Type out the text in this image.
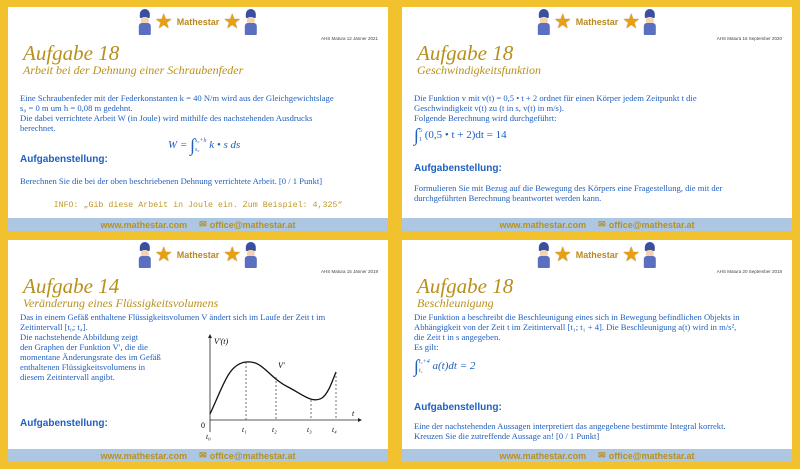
★ Mathestar ★
AHS Matura 12 Jänner 2021
Aufgabe 18
Arbeit bei der Dehnung einer Schraubenfeder
Eine Schraubenfeder mit der Federkonstanten k = 40 N/m wird aus der Gleichgewichtslage
s₀ = 0 m um h = 0,08 m gedehnt.
Die dabei verrichtete Arbeit W (in Joule) wird mithilfe des nachstehenden Ausdrucks
berechnet.
W = ∫ s₀+h
s₀ k • s ds
Aufgabenstellung:
Berechnen Sie die bei der oben beschriebenen Dehnung verrichtete Arbeit. [0 / 1 Punkt]
INFO: „Gib diese Arbeit in Joule ein. Zum Beispiel: 4,325“
www.mathestar.com ✉ office@mathestar.at
★ Mathestar ★
AHS Matura 16 September 2020
Aufgabe 18
Geschwindigkeitsfunktion
Die Funktion v mit v(t) = 0,5 • t + 2 ordnet für einen Körper jedem Zeitpunkt t die
Geschwindigkeit v(t) zu (t in s, v(t) in m/s).
Folgende Berechnung wird durchgeführt:
∫ 5
1 (0,5 • t + 2)dt = 14
Aufgabenstellung:
Formulieren Sie mit Bezug auf die Bewegung des Körpers eine Fragestellung, die mit der
durchgeführten Berechnung beantwortet werden kann.
www.mathestar.com ✉ office@mathestar.at
★ Mathestar ★
AHS Matura 15 Jänner 2019
Aufgabe 14
Veränderung eines Flüssigkeitsvolumens
Das in einem Gefäß enthaltene Flüssigkeitsvolumen V ändert sich im Laufe der Zeit t im
Zeitintervall [t₀; t₄].
Die nachstehende Abbildung zeigt
den Graphen der Funktion V′, die die
momentane Änderungsrate des im Gefäß
enthaltenen Flüssigkeitsvolumens in
diesem Zeitintervall angibt.
Aufgabenstellung:
V′(t)
t
V′
0
t₀
t₁	t₂	t₃	t₄
www.mathestar.com ✉ office@mathestar.at
★ Mathestar ★
AHS Matura 20 September 2018
Aufgabe 18
Beschleunigung
Die Funktion a beschreibt die Beschleunigung eines sich in Bewegung befindlichen Objekts in
Abhängigkeit von der Zeit t im Zeitintervall [t₁; t₁ + 4]. Die Beschleunigung a(t) wird in m/s²,
die Zeit t in s angegeben.
Es gilt:
∫ t₁+4
t₁ a(t)dt = 2
Aufgabenstellung:
Eine der nachstehenden Aussagen interpretiert das angegebene bestimmte Integral korrekt.
Kreuzen Sie die zutreffende Aussage an! [0 / 1 Punkt]
www.mathestar.com ✉ office@mathestar.at
